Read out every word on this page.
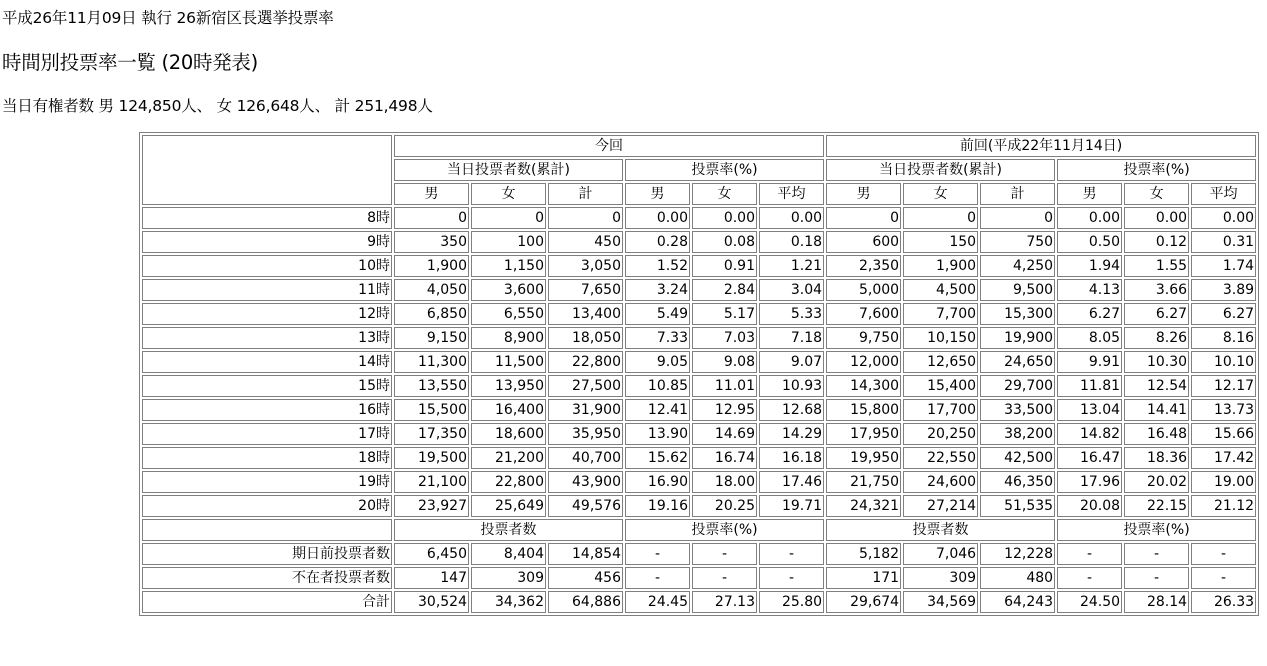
平成26年11月09日 執行 26新宿区長選挙投票率
時間別投票率一覧 (20時発表)
当日有権者数 男 124,850人、 女 126,648人、 計 251,498人
	今回						前回(平成22年11月14日)					
	当日投票者数(累計)			投票率(%)			当日投票者数(累計)			投票率(%)		
	男	女	計	男	女	平均	男	女	計	男	女	平均
8時	0	0	0	0.00	0.00	0.00	0	0	0	0.00	0.00	0.00
9時	350	100	450	0.28	0.08	0.18	600	150	750	0.50	0.12	0.31
10時	1,900	1,150	3,050	1.52	0.91	1.21	2,350	1,900	4,250	1.94	1.55	1.74
11時	4,050	3,600	7,650	3.24	2.84	3.04	5,000	4,500	9,500	4.13	3.66	3.89
12時	6,850	6,550	13,400	5.49	5.17	5.33	7,600	7,700	15,300	6.27	6.27	6.27
13時	9,150	8,900	18,050	7.33	7.03	7.18	9,750	10,150	19,900	8.05	8.26	8.16
14時	11,300	11,500	22,800	9.05	9.08	9.07	12,000	12,650	24,650	9.91	10.30	10.10
15時	13,550	13,950	27,500	10.85	11.01	10.93	14,300	15,400	29,700	11.81	12.54	12.17
16時	15,500	16,400	31,900	12.41	12.95	12.68	15,800	17,700	33,500	13.04	14.41	13.73
17時	17,350	18,600	35,950	13.90	14.69	14.29	17,950	20,250	38,200	14.82	16.48	15.66
18時	19,500	21,200	40,700	15.62	16.74	16.18	19,950	22,550	42,500	16.47	18.36	17.42
19時	21,100	22,800	43,900	16.90	18.00	17.46	21,750	24,600	46,350	17.96	20.02	19.00
20時	23,927	25,649	49,576	19.16	20.25	19.71	24,321	27,214	51,535	20.08	22.15	21.12
	投票者数			投票率(%)			投票者数			投票率(%)		
期日前投票者数	6,450	8,404	14,854	-	-	-	5,182	7,046	12,228	-	-	-
不在者投票者数	147	309	456	-	-	-	171	309	480	-	-	-
合計	30,524	34,362	64,886	24.45	27.13	25.80	29,674	34,569	64,243	24.50	28.14	26.33
